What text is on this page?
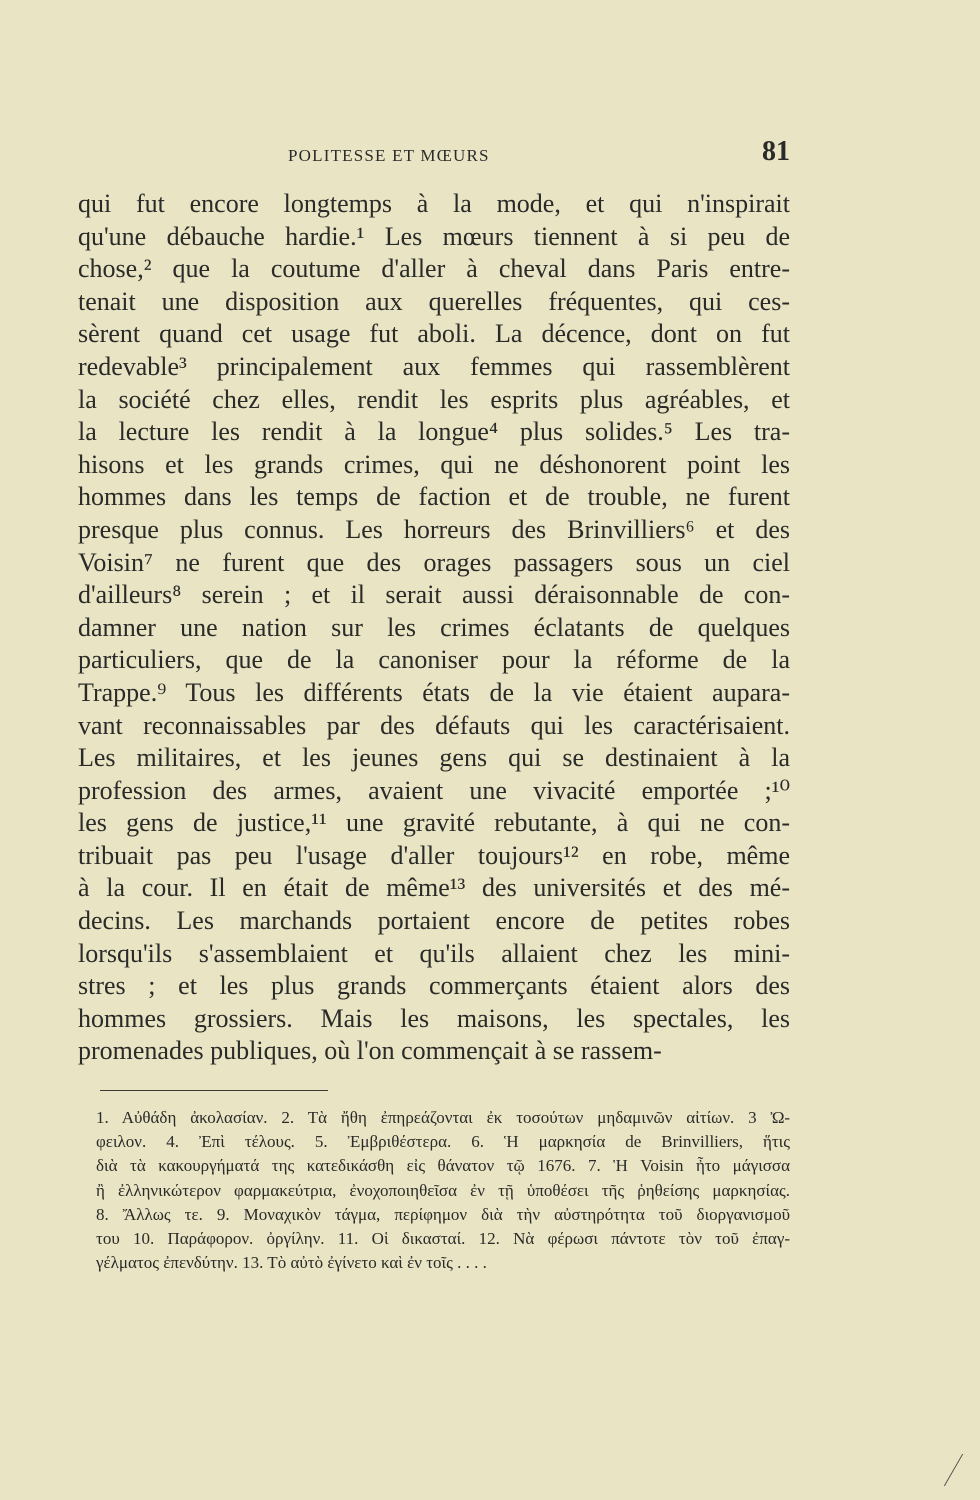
POLITESSE ET MŒURS	81
qui fut encore longtemps à la mode, et qui n'inspirait
qu'une débauche hardie.¹ Les mœurs tiennent à si peu de
chose,² que la coutume d'aller à cheval dans Paris entre-
tenait une disposition aux querelles fréquentes, qui ces-
sèrent quand cet usage fut aboli. La décence, dont on fut
redevable³ principalement aux femmes qui rassemblèrent
la société chez elles, rendit les esprits plus agréables, et
la lecture les rendit à la longue⁴ plus solides.⁵ Les tra-
hisons et les grands crimes, qui ne déshonorent point les
hommes dans les temps de faction et de trouble, ne furent
presque plus connus. Les horreurs des Brinvilliers⁶ et des
Voisin⁷ ne furent que des orages passagers sous un ciel
d'ailleurs⁸ serein ; et il serait aussi déraisonnable de con-
damner une nation sur les crimes éclatants de quelques
particuliers, que de la canoniser pour la réforme de la
Trappe.⁹ Tous les différents états de la vie étaient aupara-
vant reconnaissables par des défauts qui les caractérisaient.
Les militaires, et les jeunes gens qui se destinaient à la
profession des armes, avaient une vivacité emportée ;¹⁰
les gens de justice,¹¹ une gravité rebutante, à qui ne con-
tribuait pas peu l'usage d'aller toujours¹² en robe, même
à la cour. Il en était de même¹³ des universités et des mé-
decins. Les marchands portaient encore de petites robes
lorsqu'ils s'assemblaient et qu'ils allaient chez les mini-
stres ; et les plus grands commerçants étaient alors des
hommes grossiers. Mais les maisons, les spectales, les
promenades publiques, où l'on commençait à se rassem-
1. Αὐθάδη ἀκολασίαν. 2. Τὰ ἤθη ἐπηρεάζονται ἐκ τοσούτων μηδαμινῶν αἰτίων. 3 Ὠ-
φειλον. 4. Ἐπὶ τέλους. 5. Ἐμβριθέστερα. 6. Ἡ μαρκησία de Brinvilliers, ἥτις
διὰ τὰ κακουργήματά της κατεδικάσθη εἰς θάνατον τῷ 1676. 7. Ἡ Voisin ἦτο μάγισσα
ἢ ἐλληνικώτερον φαρμακεύτρια, ἐνοχοποιηθεῖσα ἐν τῇ ὑποθέσει τῆς ῥηθείσης μαρκησίας.
8. Ἄλλως τε. 9. Μοναχικὸν τάγμα, περίφημον διὰ τὴν αὐστηρότητα τοῦ διοργανισμοῦ
του 10. Παράφορον. ὀργίλην. 11. Οἱ δικασταί. 12. Νὰ φέρωσι πάντοτε τὸν τοῦ ἐπαγ-
γέλματος ἐπενδύτην. 13. Τὸ αὐτὸ ἐγίνετο καὶ ἐν τοῖς . . . .
